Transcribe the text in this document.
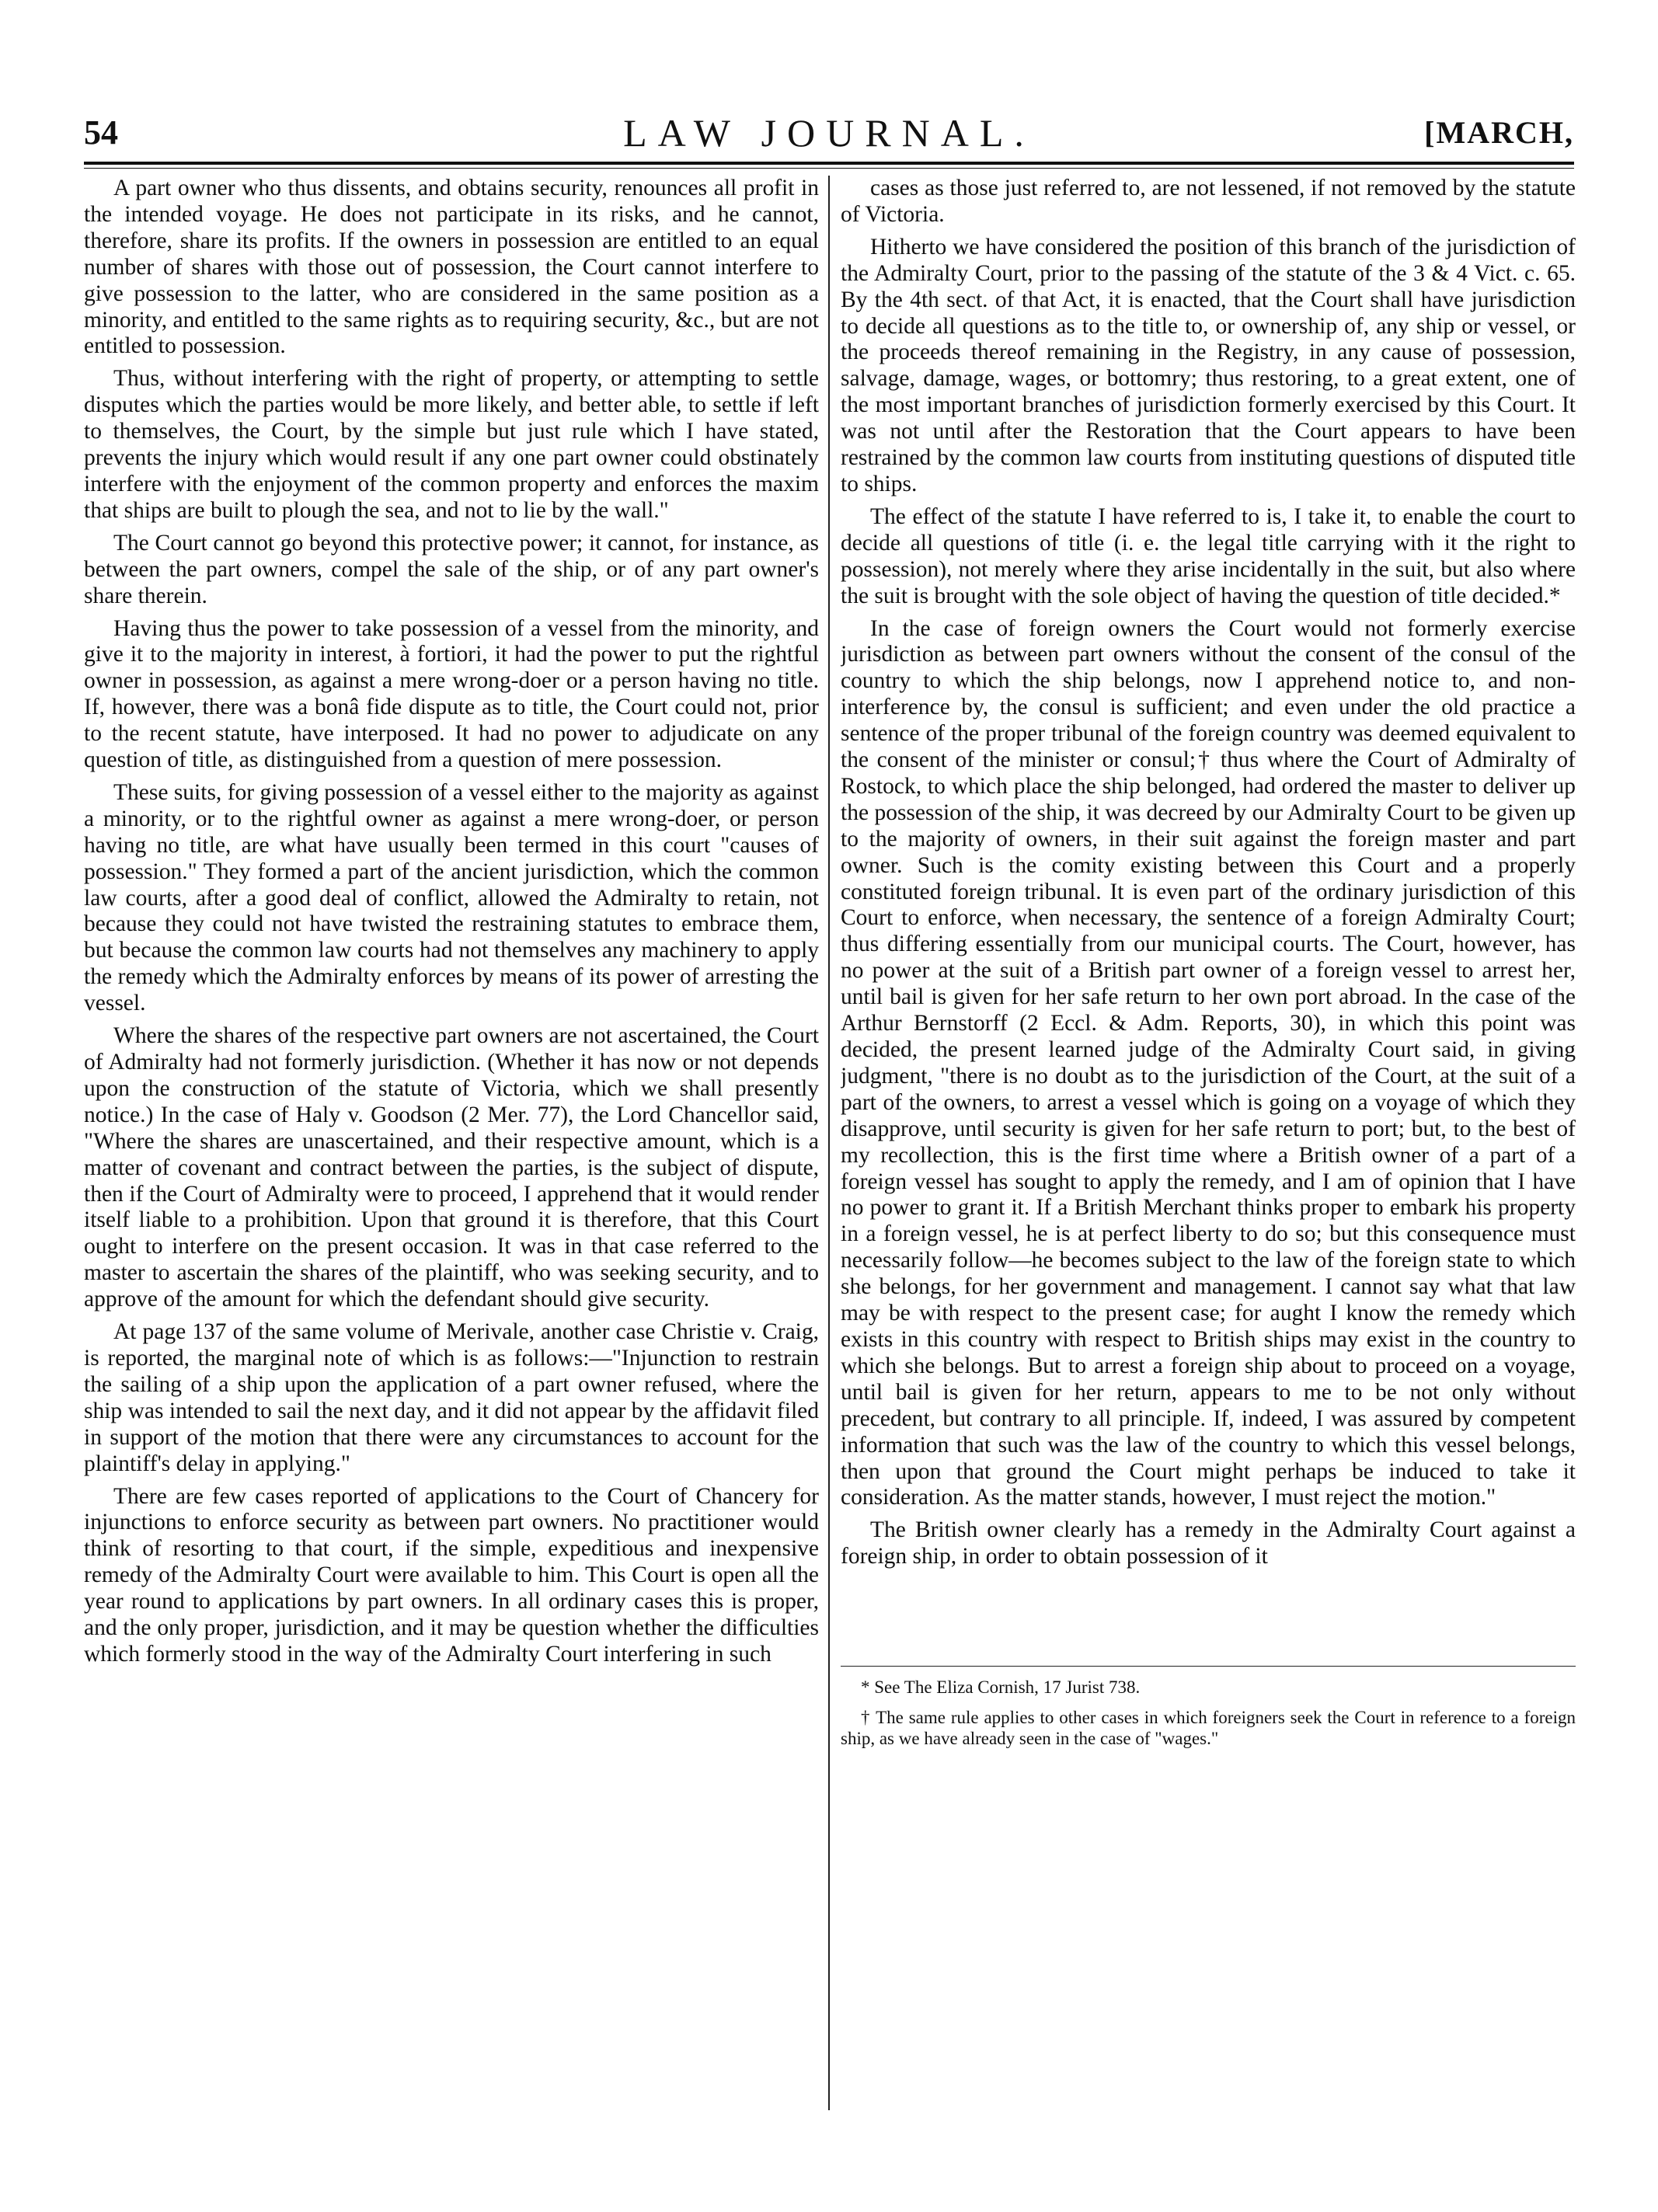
54	LAW JOURNAL.	[MARCH,

A part owner who thus dissents, and obtains security, renounces all profit in the intended voyage. He does not participate in its risks, and he cannot, therefore, share its profits. If the owners in possession are entitled to an equal number of shares with those out of possession, the Court cannot interfere to give possession to the latter, who are considered in the same position as a minority, and entitled to the same rights as to requiring security, &c., but are not entitled to possession.

Thus, without interfering with the right of property, or attempting to settle disputes which the parties would be more likely, and better able, to settle if left to themselves, the Court, by the simple but just rule which I have stated, prevents the injury which would result if any one part owner could obstinately interfere with the enjoyment of the common property and enforces the maxim that ships are built to plough the sea, and not to lie by the wall."

The Court cannot go beyond this protective power; it cannot, for instance, as between the part owners, compel the sale of the ship, or of any part owner's share therein.

Having thus the power to take possession of a vessel from the minority, and give it to the majority in interest, à fortiori, it had the power to put the rightful owner in possession, as against a mere wrong-doer or a person having no title. If, however, there was a bonâ fide dispute as to title, the Court could not, prior to the recent statute, have interposed. It had no power to adjudicate on any question of title, as distinguished from a question of mere possession.

These suits, for giving possession of a vessel either to the majority as against a minority, or to the rightful owner as against a mere wrong-doer, or person having no title, are what have usually been termed in this court "causes of possession." They formed a part of the ancient jurisdiction, which the common law courts, after a good deal of conflict, allowed the Admiralty to retain, not because they could not have twisted the restraining statutes to embrace them, but because the common law courts had not themselves any machinery to apply the remedy which the Admiralty enforces by means of its power of arresting the vessel.

Where the shares of the respective part owners are not ascertained, the Court of Admiralty had not formerly jurisdiction. (Whether it has now or not depends upon the construction of the statute of Victoria, which we shall presently notice.) In the case of Haly v. Goodson (2 Mer. 77), the Lord Chancellor said, "Where the shares are unascertained, and their respective amount, which is a matter of covenant and contract between the parties, is the subject of dispute, then if the Court of Admiralty were to proceed, I apprehend that it would render itself liable to a prohibition. Upon that ground it is therefore, that this Court ought to interfere on the present occasion. It was in that case referred to the master to ascertain the shares of the plaintiff, who was seeking security, and to approve of the amount for which the defendant should give security.

At page 137 of the same volume of Merivale, another case Christie v. Craig, is reported, the marginal note of which is as follows:—"Injunction to restrain the sailing of a ship upon the application of a part owner refused, where the ship was intended to sail the next day, and it did not appear by the affidavit filed in support of the motion that there were any circumstances to account for the plaintiff's delay in applying."

There are few cases reported of applications to the Court of Chancery for injunctions to enforce security as between part owners. No practitioner would think of resorting to that court, if the simple, expeditious and inexpensive remedy of the Admiralty Court were available to him. This Court is open all the year round to applications by part owners. In all ordinary cases this is proper, and the only proper, jurisdiction, and it may be question whether the difficulties which formerly stood in the way of the Admiralty Court interfering in such

cases as those just referred to, are not lessened, if not removed by the statute of Victoria.

Hitherto we have considered the position of this branch of the jurisdiction of the Admiralty Court, prior to the passing of the statute of the 3 & 4 Vict. c. 65. By the 4th sect. of that Act, it is enacted, that the Court shall have jurisdiction to decide all questions as to the title to, or ownership of, any ship or vessel, or the proceeds thereof remaining in the Registry, in any cause of possession, salvage, damage, wages, or bottomry; thus restoring, to a great extent, one of the most important branches of jurisdiction formerly exercised by this Court. It was not until after the Restoration that the Court appears to have been restrained by the common law courts from instituting questions of disputed title to ships.

The effect of the statute I have referred to is, I take it, to enable the court to decide all questions of title (i. e. the legal title carrying with it the right to possession), not merely where they arise incidentally in the suit, but also where the suit is brought with the sole object of having the question of title decided.*

In the case of foreign owners the Court would not formerly exercise jurisdiction as between part owners without the consent of the consul of the country to which the ship belongs, now I apprehend notice to, and non-interference by, the consul is sufficient; and even under the old practice a sentence of the proper tribunal of the foreign country was deemed equivalent to the consent of the minister or consul;† thus where the Court of Admiralty of Rostock, to which place the ship belonged, had ordered the master to deliver up the possession of the ship, it was decreed by our Admiralty Court to be given up to the majority of owners, in their suit against the foreign master and part owner. Such is the comity existing between this Court and a properly constituted foreign tribunal. It is even part of the ordinary jurisdiction of this Court to enforce, when necessary, the sentence of a foreign Admiralty Court; thus differing essentially from our municipal courts. The Court, however, has no power at the suit of a British part owner of a foreign vessel to arrest her, until bail is given for her safe return to her own port abroad. In the case of the Arthur Bernstorff (2 Eccl. & Adm. Reports, 30), in which this point was decided, the present learned judge of the Admiralty Court said, in giving judgment, "there is no doubt as to the jurisdiction of the Court, at the suit of a part of the owners, to arrest a vessel which is going on a voyage of which they disapprove, until security is given for her safe return to port; but, to the best of my recollection, this is the first time where a British owner of a part of a foreign vessel has sought to apply the remedy, and I am of opinion that I have no power to grant it. If a British Merchant thinks proper to embark his property in a foreign vessel, he is at perfect liberty to do so; but this consequence must necessarily follow—he becomes subject to the law of the foreign state to which she belongs, for her government and management. I cannot say what that law may be with respect to the present case; for aught I know the remedy which exists in this country with respect to British ships may exist in the country to which she belongs. But to arrest a foreign ship about to proceed on a voyage, until bail is given for her return, appears to me to be not only without precedent, but contrary to all principle. If, indeed, I was assured by competent information that such was the law of the country to which this vessel belongs, then upon that ground the Court might perhaps be induced to take it consideration. As the matter stands, however, I must reject the motion."

The British owner clearly has a remedy in the Admiralty Court against a foreign ship, in order to obtain possession of it

* See The Eliza Cornish, 17 Jurist 738.

† The same rule applies to other cases in which foreigners seek the Court in reference to a foreign ship, as we have already seen in the case of "wages."
